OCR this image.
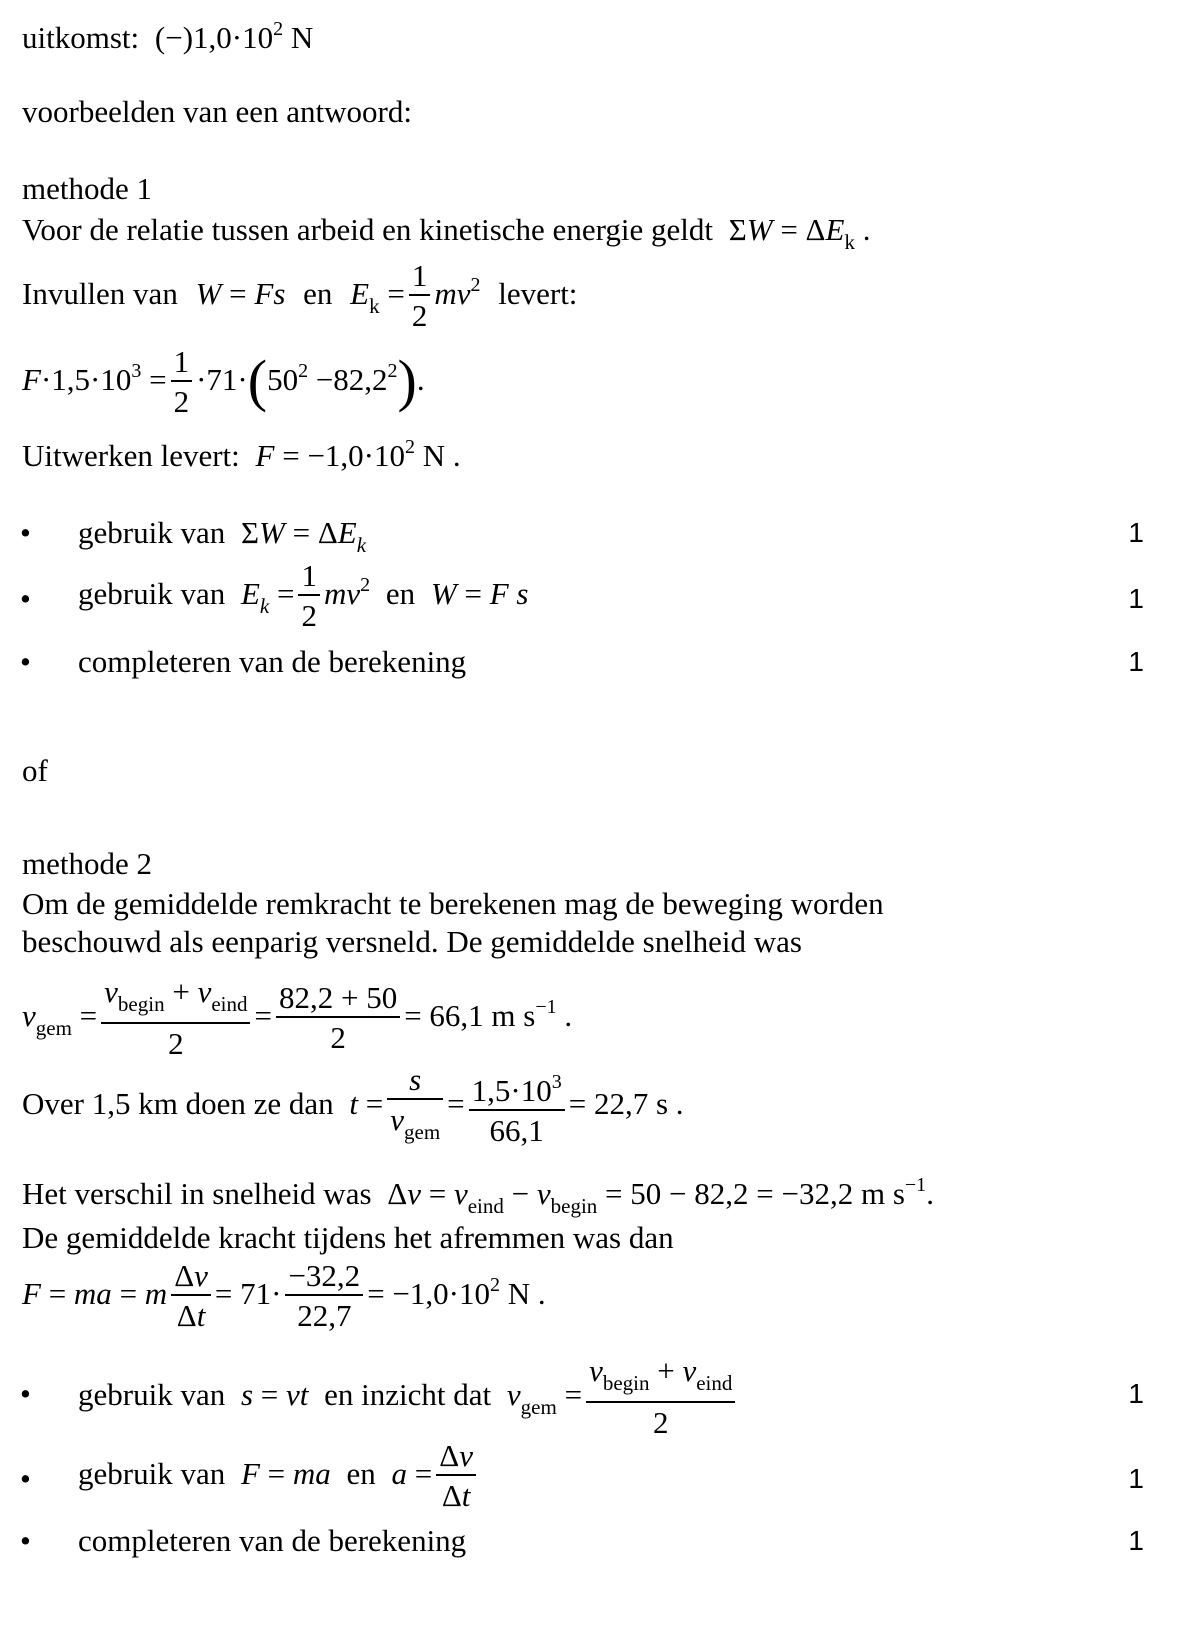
uitkomst: $(-)1,0\cdot 10^2$ N
voorbeelden van een antwoord:
methode 1
Voor de relatie tussen arbeid en kinetische energie geldt $\Sigma W = \Delta E_k$ .
Invullen van W = Fs en $E_k = \frac{1}{2} mv^2$ levert:
$F\cdot 1,5\cdot 10^3 = \frac{1}{2} \cdot 71\cdot(50^2 -82,2^2)$.
Uitwerken levert: $F = -1,0\cdot 10^2$ N .
• gebruik van $\Sigma W = \Delta E_k$	1
• gebruik van $E_k = \frac{1}{2} mv^2$ en W = F s	1
• completeren van de berekening	1
of
methode 2
Om de gemiddelde remkracht te berekenen mag de beweging worden
beschouwd als eenparig versneld. De gemiddelde snelheid was
$v_{gem} = \frac{v_{begin} + v_{eind}}{2} = \frac{82,2 + 50}{2} = 66,1$ m $s^{-1}$ .
Over 1,5 km doen ze dan $t = \frac{s}{v_{gem}} = \frac{1,5\cdot 10^3}{66,1} = 22,7$ s .
Het verschil in snelheid was $\Delta v = v_{eind} - v_{begin} = 50 - 82,2 = -32,2$ m $s^{-1}$.
De gemiddelde kracht tijdens het afremmen was dan
F = ma = m $\frac{\Delta v}{\Delta t} = 71\cdot \frac{-32,2}{22,7} = -1,0\cdot 10^2$ N .
• gebruik van s = vt en inzicht dat $v_{gem} = \frac{v_{begin} + v_{eind}}{2}$	1
• gebruik van F = ma en $a = \frac{\Delta v}{\Delta t}$	1
• completeren van de berekening	1
